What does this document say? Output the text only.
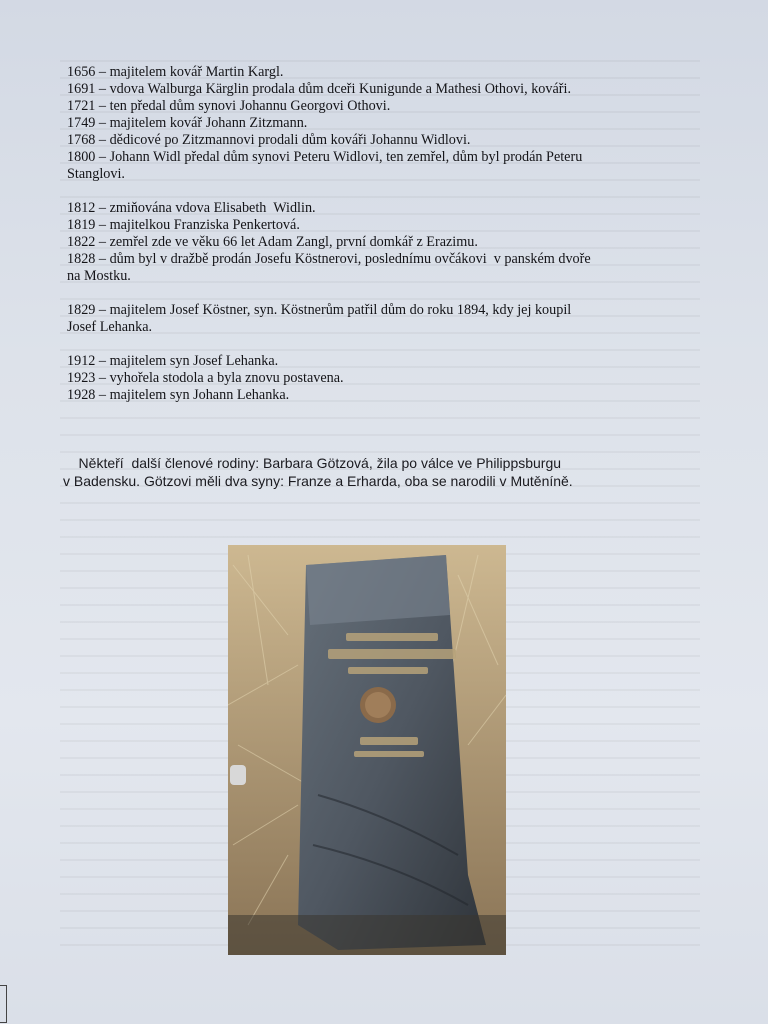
1656 – majitelem kovář Martin Kargl.
1691 – vdova Walburga Kärglin prodala dům dceři Kunigunde a Mathesi Othovi, kováři.
1721 – ten předal dům synovi Johannu Georgovi Othovi.
1749 – majitelem kovář Johann Zitzmann.
1768 – dědicové po Zitzmannovi prodali dům kováři Johannu Widlovi.
1800 – Johann Widl předal dům synovi Peteru Widlovi, ten zemřel, dům byl prodán Peteru
Stanglovi.
1812 – zmiňována vdova Elisabeth  Widlin.
1819 – majitelkou Franziska Penkertová.
1822 – zemřel zde ve věku 66 let Adam Zangl, první domkář z Erazimu.
1828 – dům byl v dražbě prodán Josefu Köstnerovi, poslednímu ovčákovi  v panském dvoře
na Mostku.
1829 – majitelem Josef Köstner, syn. Köstnerům patřil dům do roku 1894, kdy jej koupil
Josef Lehanka.
1912 – majitelem syn Josef Lehanka.
1923 – vyhořela stodola a byla znovu postavena.
1928 – majitelem syn Johann Lehanka.
Někteří  další členové rodiny: Barbara Götzová, žila po válce ve Philippsburgu
v Badensku. Götzovi měli dva syny: Franze a Erharda, oba se narodili v Mutěníně.
